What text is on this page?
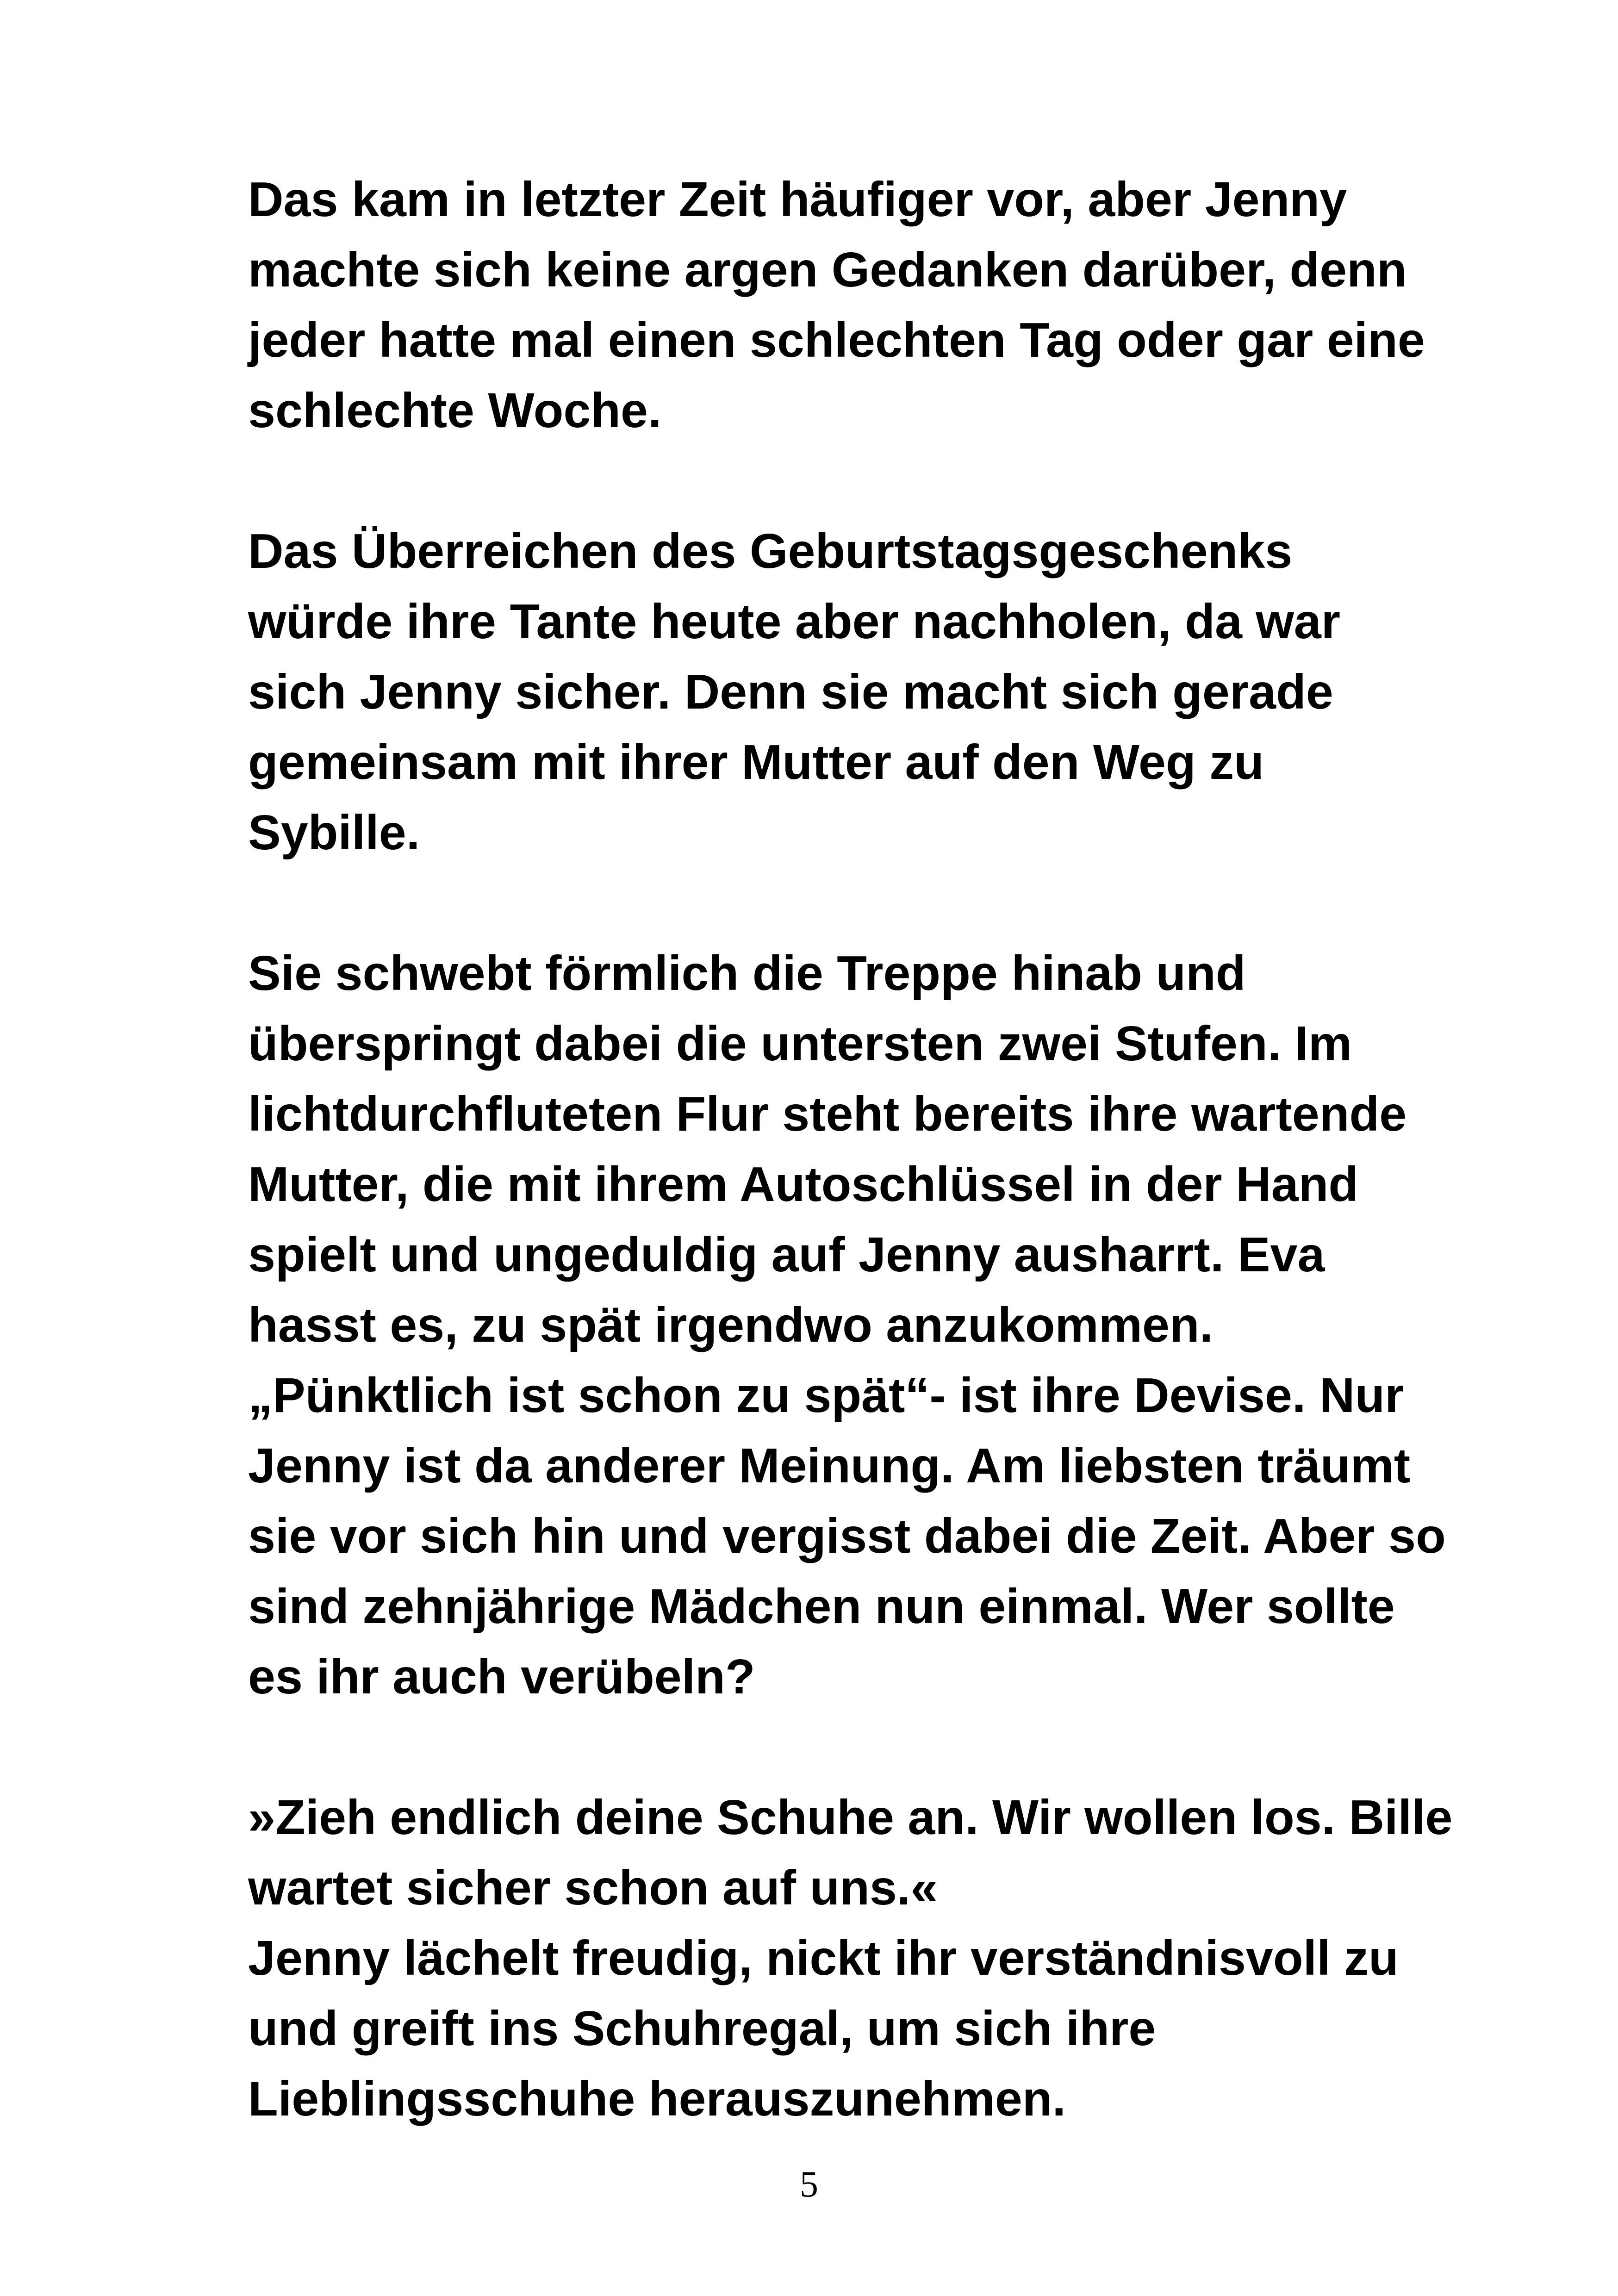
Das kam in letzter Zeit häufiger vor, aber Jenny
machte sich keine argen Gedanken darüber, denn
jeder hatte mal einen schlechten Tag oder gar eine
schlechte Woche.

Das Überreichen des Geburtstagsgeschenks
würde ihre Tante heute aber nachholen, da war
sich Jenny sicher. Denn sie macht sich gerade
gemeinsam mit ihrer Mutter auf den Weg zu
Sybille.

Sie schwebt förmlich die Treppe hinab und
überspringt dabei die untersten zwei Stufen. Im
lichtdurchfluteten Flur steht bereits ihre wartende
Mutter, die mit ihrem Autoschlüssel in der Hand
spielt und ungeduldig auf Jenny ausharrt. Eva
hasst es, zu spät irgendwo anzukommen.
„Pünktlich ist schon zu spät“- ist ihre Devise. Nur
Jenny ist da anderer Meinung. Am liebsten träumt
sie vor sich hin und vergisst dabei die Zeit. Aber so
sind zehnjährige Mädchen nun einmal. Wer sollte
es ihr auch verübeln?

»Zieh endlich deine Schuhe an. Wir wollen los. Bille
wartet sicher schon auf uns.«
Jenny lächelt freudig, nickt ihr verständnisvoll zu
und greift ins Schuhregal, um sich ihre
Lieblingsschuhe herauszunehmen.

5
